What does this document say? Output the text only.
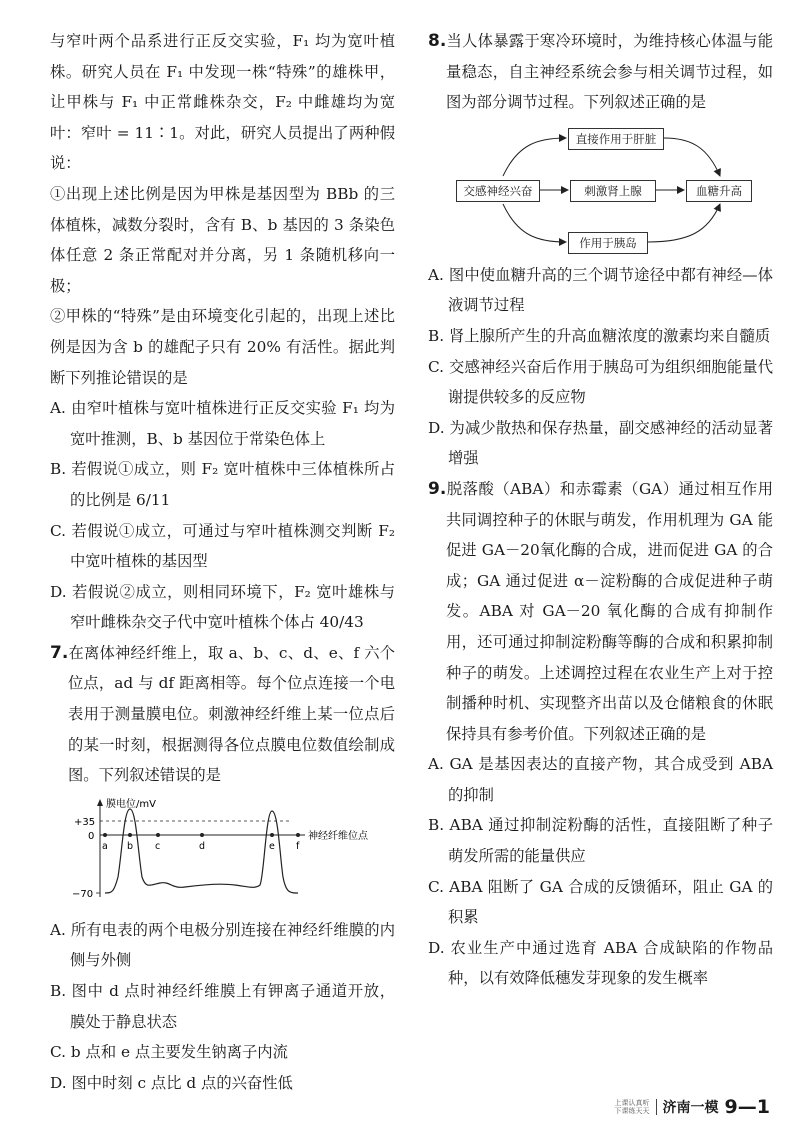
与窄叶两个品系进行正反交实验，F₁ 均为宽叶植株。研究人员在 F₁ 中发现一株“特殊”的雄株甲，让甲株与 F₁ 中正常雌株杂交，F₂ 中雌雄均为宽叶：窄叶 = 11∶1。对此，研究人员提出了两种假说：

①出现上述比例是因为甲株是基因型为 BBb 的三体植株，减数分裂时，含有 B、b 基因的 3 条染色体任意 2 条正常配对并分离，另 1 条随机移向一极；

②甲株的“特殊”是由环境变化引起的，出现上述比例是因为含 b 的雄配子只有 20% 有活性。据此判断下列推论错误的是

A. 由窄叶植株与宽叶植株进行正反交实验 F₁ 均为宽叶推测，B、b 基因位于常染色体上

B. 若假说①成立，则 F₂ 宽叶植株中三体植株所占的比例是 6/11

C. 若假说①成立，可通过与窄叶植株测交判断 F₂ 中宽叶植株的基因型

D. 若假说②成立，则相同环境下，F₂ 宽叶雄株与窄叶雌株杂交子代中宽叶植株个体占 40/43

7.在离体神经纤维上，取 a、b、c、d、e、f 六个位点，ad 与 df 距离相等。每个位点连接一个电表用于测量膜电位。刺激神经纤维上某一位点后的某一时刻，根据测得各位点膜电位数值绘制成图。下列叙述错误的是

膜电位/mV
+35
0
−70
神经纤维位点
a b c	d	e f

A. 所有电表的两个电极分别连接在神经纤维膜的内侧与外侧

B. 图中 d 点时神经纤维膜上有钾离子通道开放，膜处于静息状态

C. b 点和 e 点主要发生钠离子内流

D. 图中时刻 c 点比 d 点的兴奋性低

8.当人体暴露于寒冷环境时，为维持核心体温与能量稳态，自主神经系统会参与相关调节过程，如图为部分调节过程。下列叙述正确的是

交感神经兴奋
直接作用于肝脏
刺激肾上腺
作用于胰岛
血糖升高

A. 图中使血糖升高的三个调节途径中都有神经—体液调节过程

B. 肾上腺所产生的升高血糖浓度的激素均来自髓质

C. 交感神经兴奋后作用于胰岛可为组织细胞能量代谢提供较多的反应物

D. 为减少散热和保存热量，副交感神经的活动显著增强

9.脱落酸（ABA）和赤霉素（GA）通过相互作用共同调控种子的休眠与萌发，作用机理为 GA 能促进 GA－20氧化酶的合成，进而促进 GA 的合成；GA 通过促进 α－淀粉酶的合成促进种子萌发。ABA 对 GA－20 氧化酶的合成有抑制作用，还可通过抑制淀粉酶等酶的合成和积累抑制种子的萌发。上述调控过程在农业生产上对于控制播种时机、实现整齐出苗以及仓储粮食的休眠保持具有参考价值。下列叙述正确的是

A. GA 是基因表达的直接产物，其合成受到 ABA 的抑制

B. ABA 通过抑制淀粉酶的活性，直接阻断了种子萌发所需的能量供应

C. ABA 阻断了 GA 合成的反馈循环，阻止 GA 的积累

D. 农业生产中通过选育 ABA 合成缺陷的作物品种，以有效降低穗发芽现象的发生概率

上课认真听
下课练天天 济南一模 9—1
